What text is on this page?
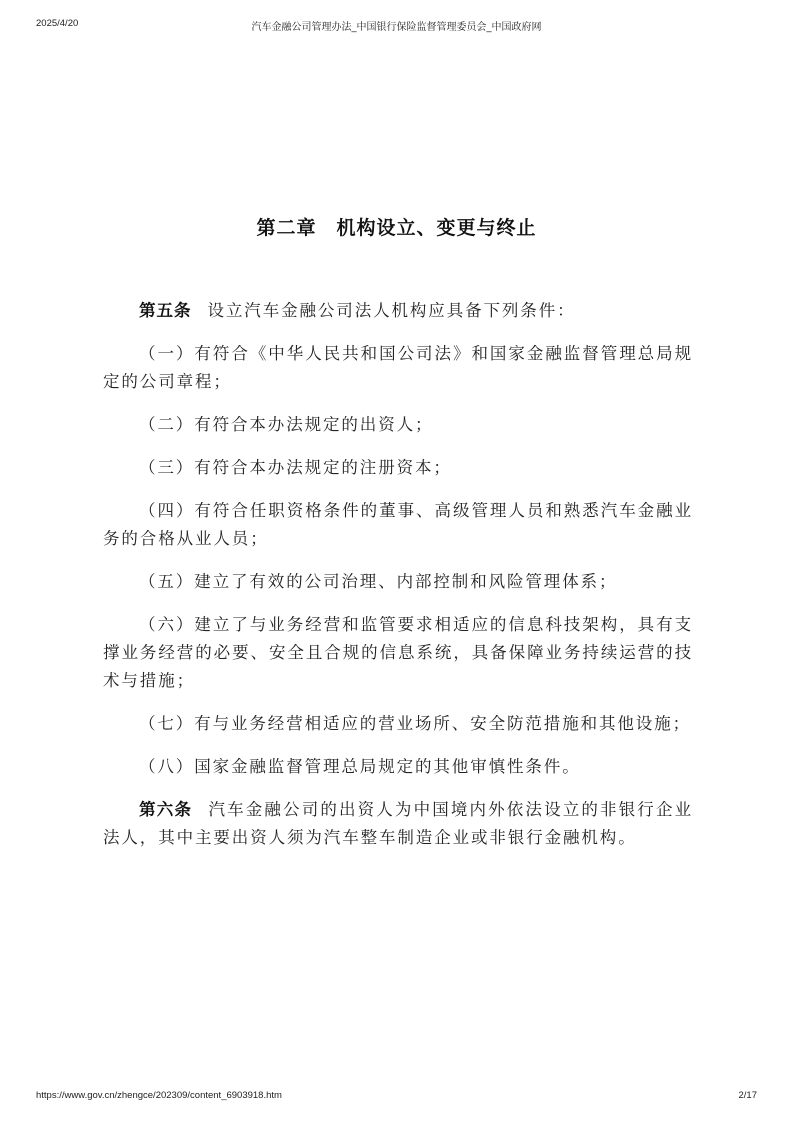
2025/4/20	汽车金融公司管理办法_中国银行保险监督管理委员会_中国政府网
第二章　机构设立、变更与终止

第五条 设立汽车金融公司法人机构应具备下列条件：

（一）有符合《中华人民共和国公司法》和国家金融监督管理总局规定的公司章程；

（二）有符合本办法规定的出资人；

（三）有符合本办法规定的注册资本；

（四）有符合任职资格条件的董事、高级管理人员和熟悉汽车金融业务的合格从业人员；

（五）建立了有效的公司治理、内部控制和风险管理体系；

（六）建立了与业务经营和监管要求相适应的信息科技架构，具有支撑业务经营的必要、安全且合规的信息系统，具备保障业务持续运营的技术与措施；

（七）有与业务经营相适应的营业场所、安全防范措施和其他设施；

（八）国家金融监督管理总局规定的其他审慎性条件。

第六条 汽车金融公司的出资人为中国境内外依法设立的非银行企业法人，其中主要出资人须为汽车整车制造企业或非银行金融机构。

https://www.gov.cn/zhengce/202309/content_6903918.htm	2/17
